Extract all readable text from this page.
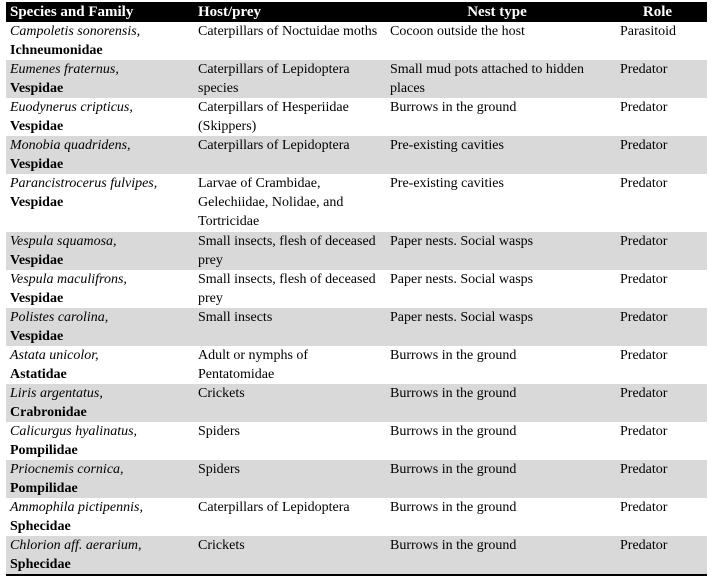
Species and Family	Host/prey	Nest type	Role

Campoletis sonorensis,
Ichneumonidae	Caterpillars of Noctuidae moths	Cocoon outside the host	Parasitoid

Eumenes fraternus,
Vespidae	Caterpillars of Lepidoptera species	Small mud pots attached to hidden places	Predator

Euodynerus cripticus,
Vespidae	Caterpillars of Hesperiidae (Skippers)	Burrows in the ground	Predator

Monobia quadridens,
Vespidae	Caterpillars of Lepidoptera	Pre-existing cavities	Predator

Parancistrocerus fulvipes,
Vespidae	Larvae of Crambidae, Gelechiidae, Nolidae, and Tortricidae	Pre-existing cavities	Predator

Vespula squamosa,
Vespidae	Small insects, flesh of deceased prey	Paper nests. Social wasps	Predator

Vespula maculifrons,
Vespidae	Small insects, flesh of deceased prey	Paper nests. Social wasps	Predator

Polistes carolina,
Vespidae	Small insects	Paper nests. Social wasps	Predator

Astata unicolor,
Astatidae	Adult or nymphs of Pentatomidae	Burrows in the ground	Predator

Liris argentatus,
Crabronidae	Crickets	Burrows in the ground	Predator

Calicurgus hyalinatus,
Pompilidae	Spiders	Burrows in the ground	Predator

Priocnemis cornica,
Pompilidae	Spiders	Burrows in the ground	Predator

Ammophila pictipennis,
Sphecidae	Caterpillars of Lepidoptera	Burrows in the ground	Predator

Chlorion aff. aerarium,
Sphecidae	Crickets	Burrows in the ground	Predator
